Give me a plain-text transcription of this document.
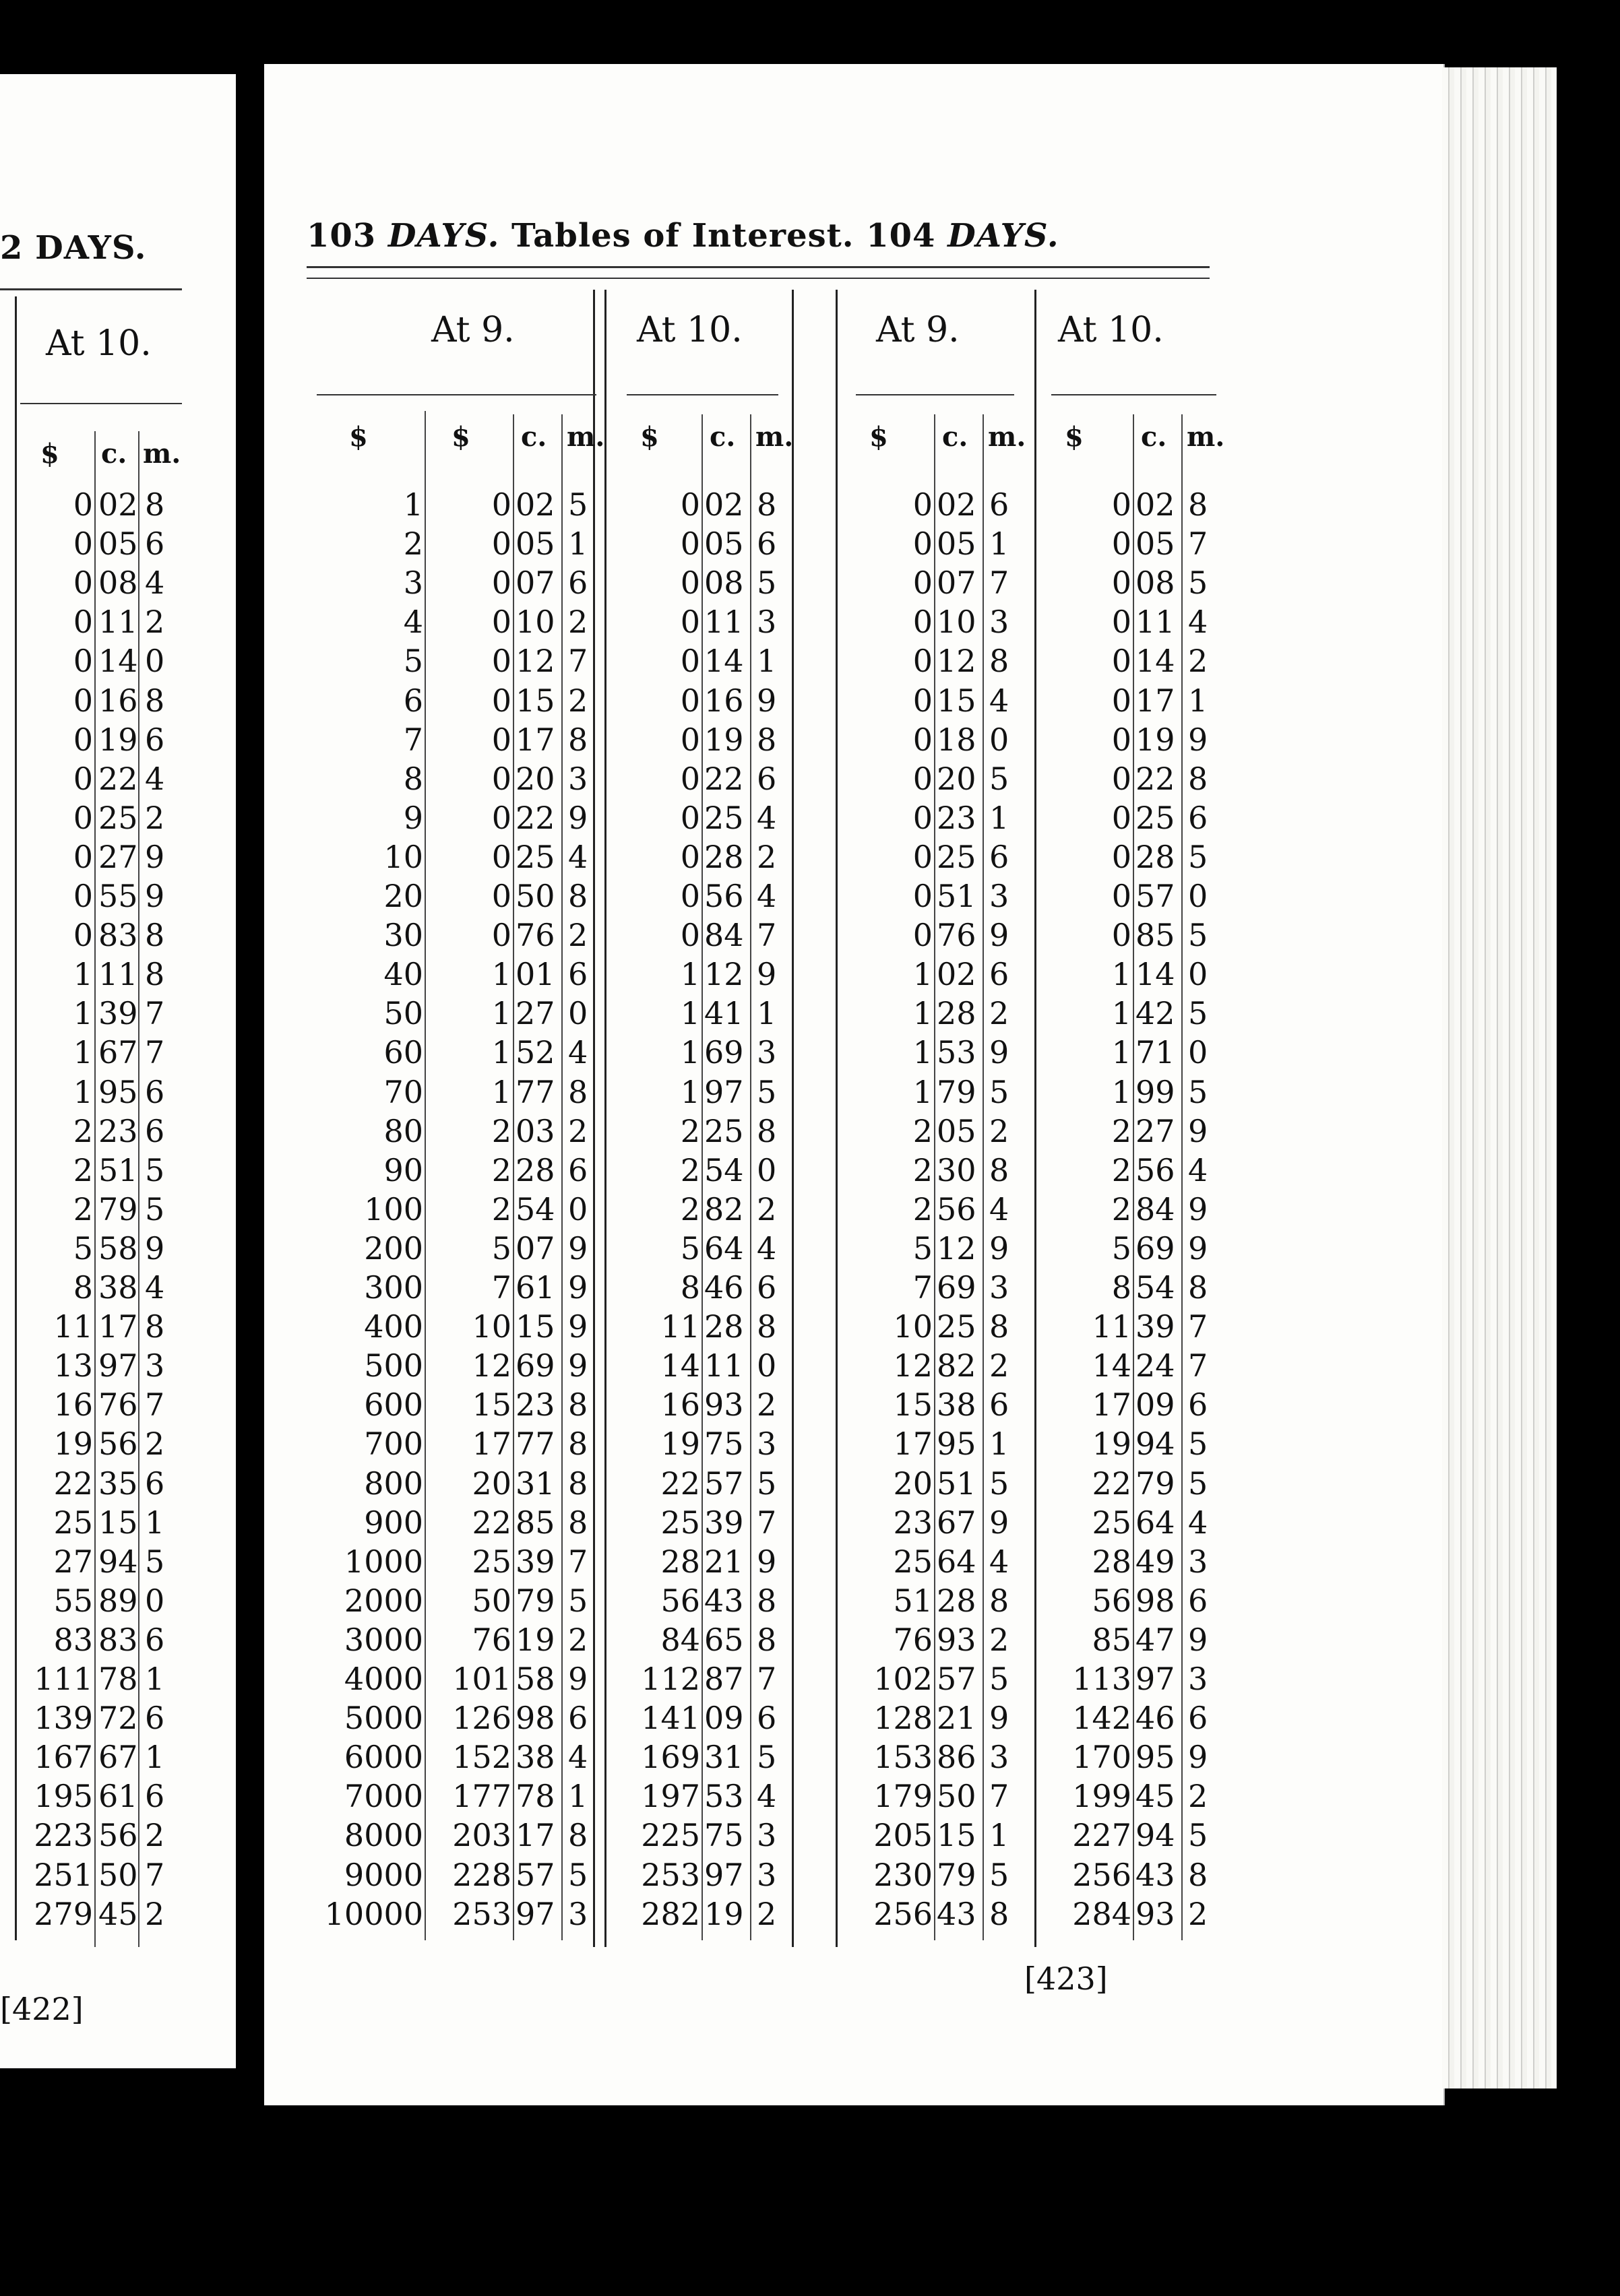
2 DAYS.
At 10.
$ c. m.
0 02 8
0 05 6
0 08 4
0 11 2
0 14 0
0 16 8
0 19 6
0 22 4
0 25 2
0 27 9
0 55 9
0 83 8
1 11 8
1 39 7
1 67 7
1 95 6
2 23 6
2 51 5
2 79 5
5 58 9
8 38 4
11 17 8
13 97 3
16 76 7
19 56 2
22 35 6
25 15 1
27 94 5
55 89 0
83 83 6
111 78 1
139 72 6
167 67 1
195 61 6
223 56 2
251 50 7
279 45 2
[422]
103 DAYS. Tables of Interest. 104 DAYS.
$
1
2
3
4
5
6
7
8
9
10
20
30
40
50
60
70
80
90
100
200
300
400
500
600
700
800
900
1000
2000
3000
4000
5000
6000
7000
8000
9000
10000
At 9.
$ c. m.
0 02 5
0 05 1
0 07 6
0 10 2
0 12 7
0 15 2
0 17 8
0 20 3
0 22 9
0 25 4
0 50 8
0 76 2
1 01 6
1 27 0
1 52 4
1 77 8
2 03 2
2 28 6
2 54 0
5 07 9
7 61 9
10 15 9
12 69 9
15 23 8
17 77 8
20 31 8
22 85 8
25 39 7
50 79 5
76 19 2
101 58 9
126 98 6
152 38 4
177 78 1
203 17 8
228 57 5
253 97 3
At 10.
$ c. m.
0 02 8
0 05 6
0 08 5
0 11 3
0 14 1
0 16 9
0 19 8
0 22 6
0 25 4
0 28 2
0 56 4
0 84 7
1 12 9
1 41 1
1 69 3
1 97 5
2 25 8
2 54 0
2 82 2
5 64 4
8 46 6
11 28 8
14 11 0
16 93 2
19 75 3
22 57 5
25 39 7
28 21 9
56 43 8
84 65 8
112 87 7
141 09 6
169 31 5
197 53 4
225 75 3
253 97 3
282 19 2
At 9.
$ c. m.
0 02 6
0 05 1
0 07 7
0 10 3
0 12 8
0 15 4
0 18 0
0 20 5
0 23 1
0 25 6
0 51 3
0 76 9
1 02 6
1 28 2
1 53 9
1 79 5
2 05 2
2 30 8
2 56 4
5 12 9
7 69 3
10 25 8
12 82 2
15 38 6
17 95 1
20 51 5
23 67 9
25 64 4
51 28 8
76 93 2
102 57 5
128 21 9
153 86 3
179 50 7
205 15 1
230 79 5
256 43 8
At 10.
$ c. m.
0 02 8
0 05 7
0 08 5
0 11 4
0 14 2
0 17 1
0 19 9
0 22 8
0 25 6
0 28 5
0 57 0
0 85 5
1 14 0
1 42 5
1 71 0
1 99 5
2 27 9
2 56 4
2 84 9
5 69 9
8 54 8
11 39 7
14 24 7
17 09 6
19 94 5
22 79 5
25 64 4
28 49 3
56 98 6
85 47 9
113 97 3
142 46 6
170 95 9
199 45 2
227 94 5
256 43 8
284 93 2
[423]
